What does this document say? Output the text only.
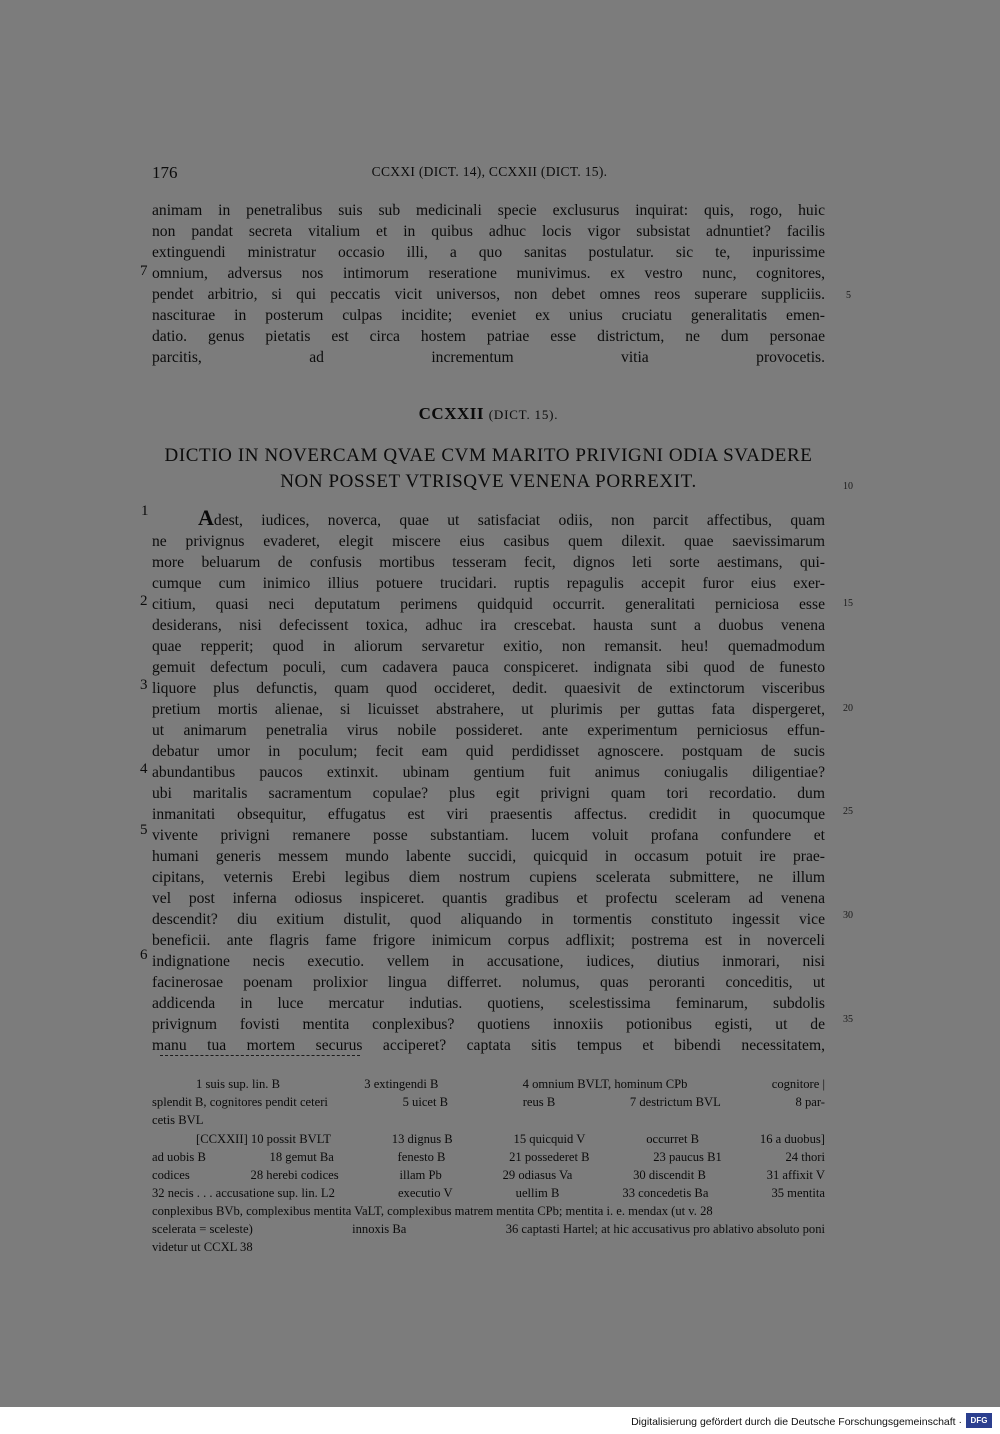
176	CCXXI (DICT. 14), CCXXII (DICT. 15).
animam in penetralibus suis sub medicinali specie exclusurus inquirat: quis, rogo, huic
non pandat secreta vitalium et in quibus adhuc locis vigor subsistat adnuntiet? facilis
extinguendi ministratur occasio illi, a quo sanitas postulatur. sic te, inpurissime
omnium, adversus nos intimorum reseratione munivimus. ex vestro nunc, cognitores,
pendet arbitrio, si qui peccatis vicit universos, non debet omnes reos superare suppliciis.
nasciturae in posterum culpas incidite; eveniet ex unius cruciatu generalitatis emen-
datio. genus pietatis est circa hostem patriae esse districtum, ne dum personae
parcitis, ad incrementum vitia provocetis.
7
5
CCXXII (DICT. 15).
DICTIO IN NOVERCAM QVAE CVM MARITO PRIVIGNI ODIA SVADERE
NON POSSET VTRISQVE VENENA PORREXIT.	10
Adest, iudices, noverca, quae ut satisfaciat odiis, non parcit affectibus, quam
ne privignus evaderet, elegit miscere eius casibus quem dilexit. quae saevissimarum
more beluarum de confusis mortibus tesseram fecit, dignos leti sorte aestimans, qui-
cumque cum inimico illius potuere trucidari. ruptis repagulis accepit furor eius exer-
citium, quasi neci deputatum perimens quidquid occurrit. generalitati perniciosa esse
desiderans, nisi defecissent toxica, adhuc ira crescebat. hausta sunt a duobus venena
quae repperit; quod in aliorum servaretur exitio, non remansit. heu! quemadmodum
gemuit defectum poculi, cum cadavera pauca conspiceret. indignata sibi quod de funesto
liquore plus defunctis, quam quod occideret, dedit. quaesivit de extinctorum visceribus
pretium mortis alienae, si licuisset abstrahere, ut plurimis per guttas fata dispergeret,
ut animarum penetralia virus nobile possideret. ante experimentum perniciosus effun-
debatur umor in poculum; fecit eam quid perdidisset agnoscere. postquam de sucis
abundantibus paucos extinxit. ubinam gentium fuit animus coniugalis diligentiae?
ubi maritalis sacramentum copulae? plus egit privigni quam tori recordatio. dum
inmanitati obsequitur, effugatus est viri praesentis affectus. credidit in quocumque
vivente privigni remanere posse substantiam. lucem voluit profana confundere et
humani generis messem mundo labente succidi, quicquid in occasum potuit ire prae-
cipitans, veternis Erebi legibus diem nostrum cupiens scelerata submittere, ne illum
vel post inferna odiosus inspiceret. quantis gradibus et profectu sceleram ad venena
descendit? diu exitium distulit, quod aliquando in tormentis constituto ingessit vice
beneficii. ante flagris fame frigore inimicum corpus adflixit; postrema est in noverceli
indignatione necis executio. vellem in accusatione, iudices, diutius inmorari, nisi
facinerosae poenam prolixior lingua differret. nolumus, quas peroranti conceditis, ut
addicenda in luce mercatur indutias. quotiens, scelestissima feminarum, subdolis
privignum fovisti mentita conplexibus? quotiens innoxiis potionibus egisti, ut de
manu tua mortem securus acciperet? captata sitis tempus et bibendi necessitatem,
1
2
3
4
5
6
15
20
25
30
35
1 suis sup. lin. B	3 extingendi B	4 omnium BVLT, hominum CPb	cognitore |
splendit B, cognitores pendit ceteri	5 uicet B	reus B	7 destrictum BVL	8 par-
cetis BVL
[CCXXII] 10 possit BVLT	13 dignus B	15 quicquid V	occurret B	16 a duobus]
ad uobis B	18 gemut Ba	fenesto B	21 possederet B	23 paucus B1	24 thori
codices	28 herebi codices	illam Pb	29 odiasus Va	30 discendit B	31 affixit V
32 necis . . . accusatione sup. lin. L2	executio V	uellim B	33 concedetis Ba	35 mentita
conplexibus BVb, complexibus mentita VaLT, complexibus matrem mentita CPb; mentita i. e. mendax (ut v. 28
scelerata = sceleste)	innoxis Ba	36 captasti Hartel; at hic accusativus pro ablativo absoluto poni
videtur ut CCXL 38
Digitalisierung gefördert durch die Deutsche Forschungsgemeinschaft ·	DFG
